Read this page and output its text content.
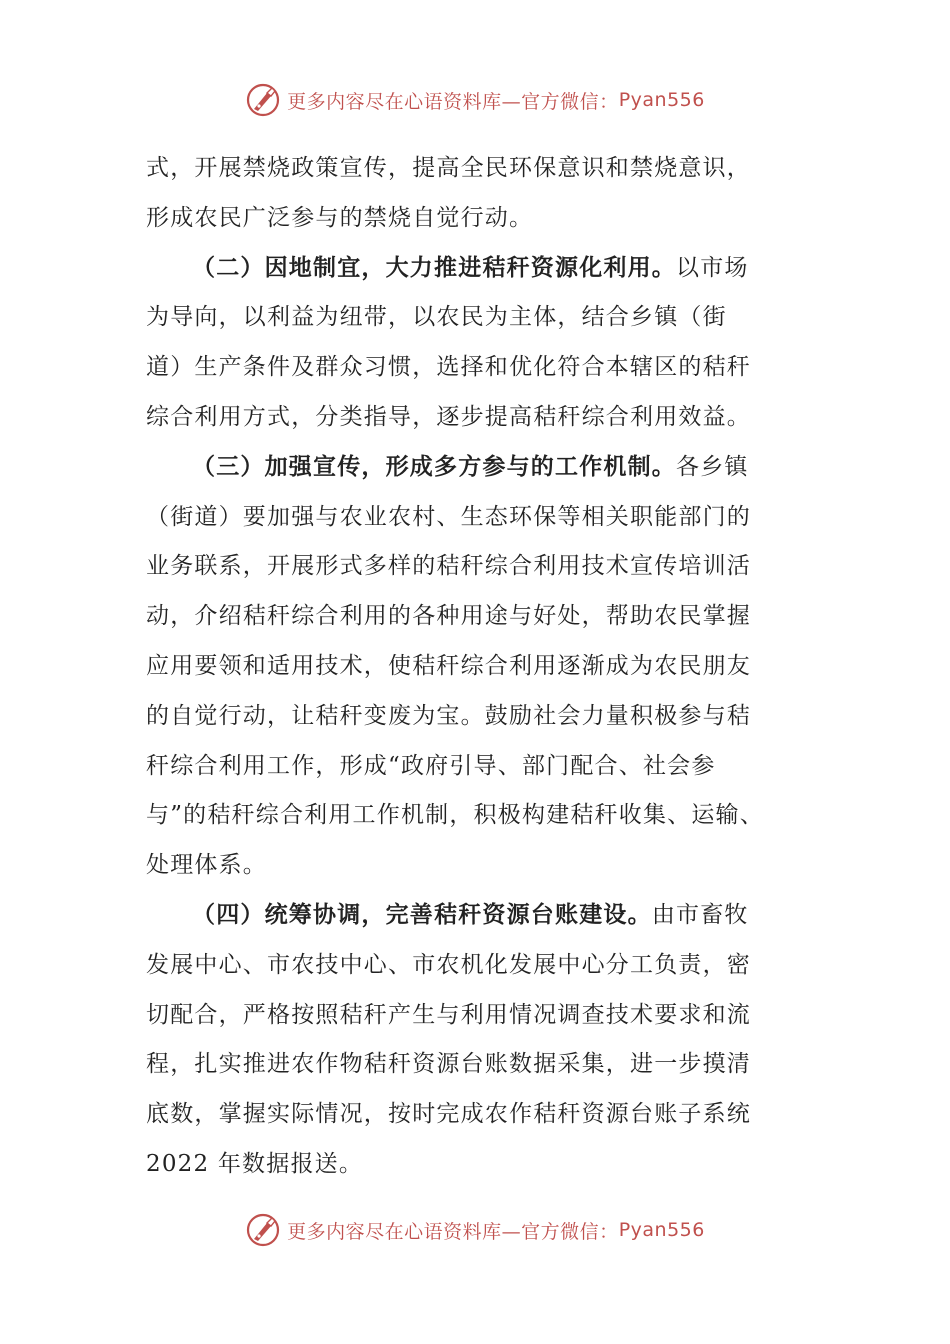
更多内容尽在心语资料库— 官方微信： Pyan556
式，开展禁烧政策宣传，提高全民环保意识和禁烧意识，
形成农民广泛参与的禁烧自觉行动。
（二）因地制宜，大力推进秸秆资源化利用。以市场
为导向，以利益为纽带，以农民为主体，结合乡镇（街
道）生产条件及群众习惯，选择和优化符合本辖区的秸秆
综合利用方式，分类指导，逐步提高秸秆综合利用效益。
（三）加强宣传，形成多方参与的工作机制。各乡镇
（街道）要加强与农业农村、生态环保等相关职能部门的
业务联系，开展形式多样的秸秆综合利用技术宣传培训活
动，介绍秸秆综合利用的各种用途与好处，帮助农民掌握
应用要领和适用技术，使秸秆综合利用逐渐成为农民朋友
的自觉行动，让秸秆变废为宝。鼓励社会力量积极参与秸
秆综合利用工作，形成“政府引导、部门配合、社会参
与”的秸秆综合利用工作机制，积极构建秸秆收集、运输、
处理体系。
（四）统筹协调，完善秸秆资源台账建设。由市畜牧
发展中心、市农技中心、市农机化发展中心分工负责，密
切配合，严格按照秸秆产生与利用情况调查技术要求和流
程，扎实推进农作物秸秆资源台账数据采集，进一步摸清
底数，掌握实际情况，按时完成农作秸秆资源台账子系统
2022 年数据报送。
更多内容尽在心语资料库— 官方微信： Pyan556
